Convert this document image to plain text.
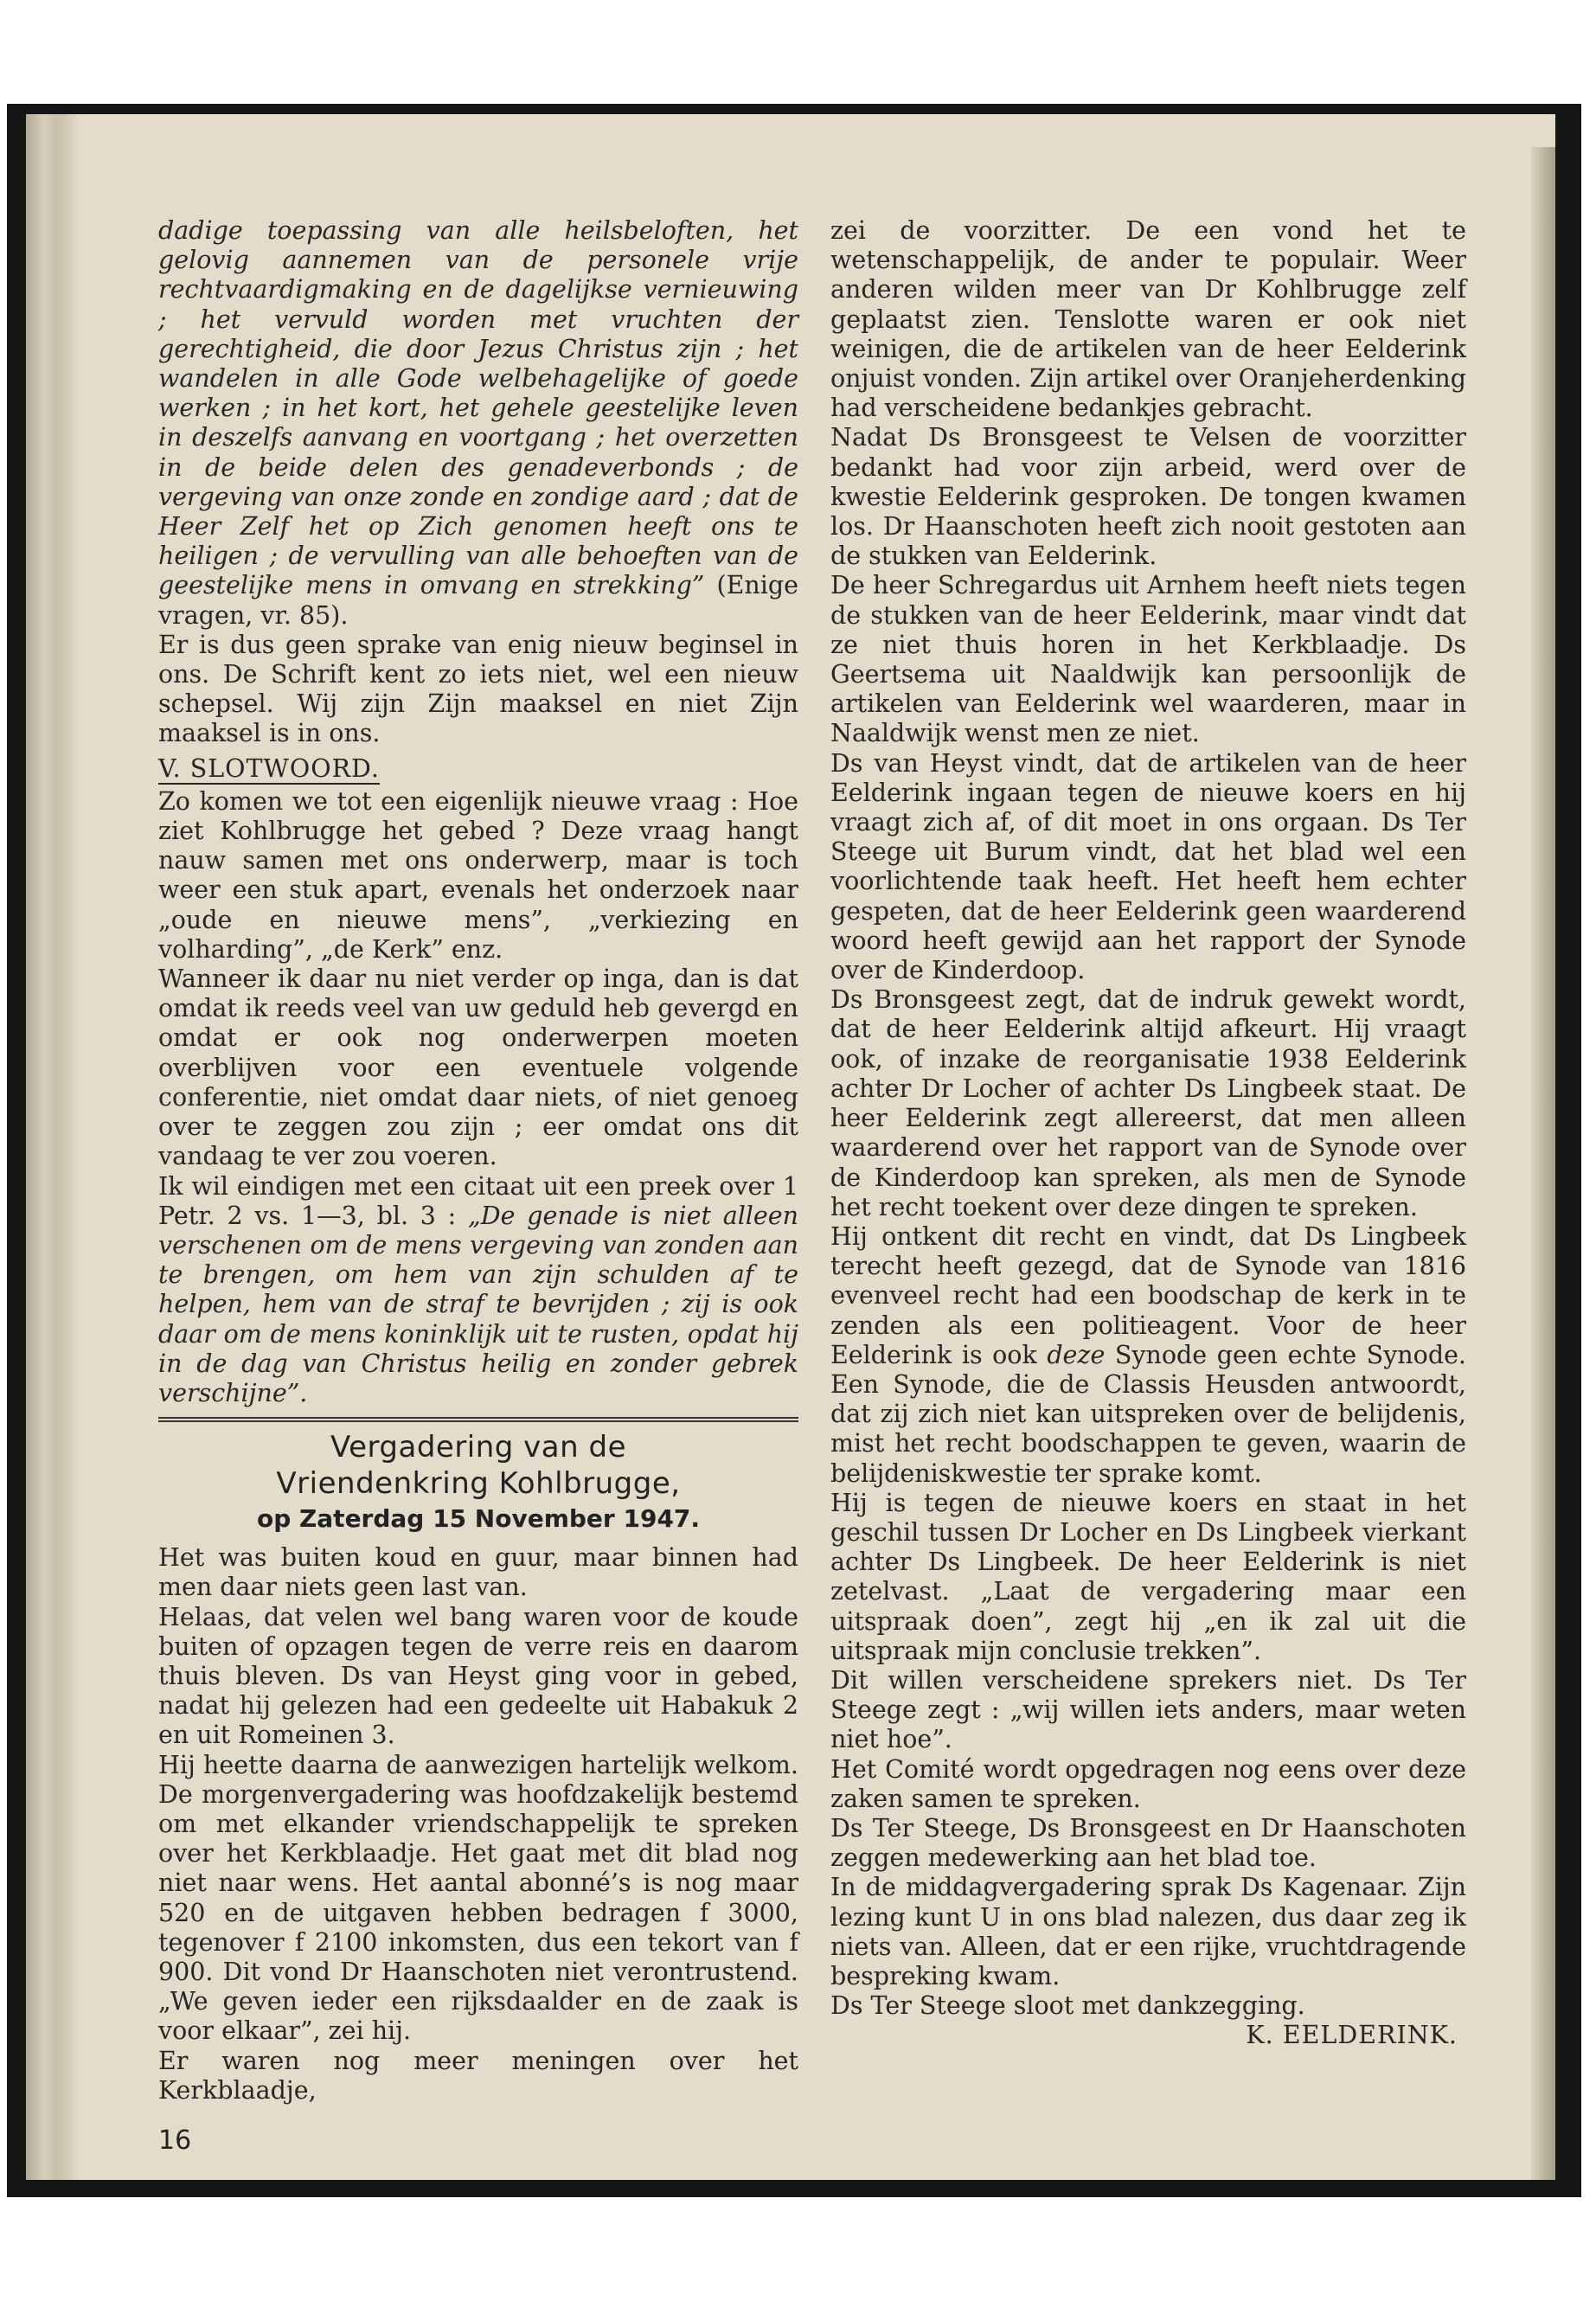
dadige toepassing van alle heilsbeloften, het gelovig aannemen van de personele vrije rechtvaardigmaking en de dagelijkse vernieuwing ; het vervuld worden met vruchten der gerechtigheid, die door Jezus Christus zijn ; het wandelen in alle Gode welbehagelijke of goede werken ; in het kort, het gehele geestelijke leven in deszelfs aanvang en voortgang ; het overzetten in de beide delen des genadeverbonds ; de vergeving van onze zonde en zondige aard ; dat de Heer Zelf het op Zich genomen heeft ons te heiligen ; de vervulling van alle behoeften van de geestelijke mens in omvang en strekking” (Enige vragen, vr. 85).

Er is dus geen sprake van enig nieuw beginsel in ons. De Schrift kent zo iets niet, wel een nieuw schepsel. Wij zijn Zijn maaksel en niet Zijn maaksel is in ons.

V. SLOTWOORD.

Zo komen we tot een eigenlijk nieuwe vraag : Hoe ziet Kohlbrugge het gebed ? Deze vraag hangt nauw samen met ons onderwerp, maar is toch weer een stuk apart, evenals het onderzoek naar „oude en nieuwe mens”, „verkiezing en volharding”, „de Kerk” enz.

Wanneer ik daar nu niet verder op inga, dan is dat omdat ik reeds veel van uw geduld heb gevergd en omdat er ook nog onderwerpen moeten overblijven voor een eventuele volgende conferentie, niet omdat daar niets, of niet genoeg over te zeggen zou zijn ; eer omdat ons dit vandaag te ver zou voeren.

Ik wil eindigen met een citaat uit een preek over 1 Petr. 2 vs. 1—3, bl. 3 : „De genade is niet alleen verschenen om de mens vergeving van zonden aan te brengen, om hem van zijn schulden af te helpen, hem van de straf te bevrijden ; zij is ook daar om de mens koninklijk uit te rusten, opdat hij in de dag van Christus heilig en zonder gebrek verschijne”.

Vergadering van de
Vriendenkring Kohlbrugge,
op Zaterdag 15 November 1947.

Het was buiten koud en guur, maar binnen had men daar niets geen last van.

Helaas, dat velen wel bang waren voor de koude buiten of opzagen tegen de verre reis en daarom thuis bleven. Ds van Heyst ging voor in gebed, nadat hij gelezen had een gedeelte uit Habakuk 2 en uit Romeinen 3.

Hij heette daarna de aanwezigen hartelijk welkom. De morgenvergadering was hoofdzakelijk bestemd om met elkander vriendschappelijk te spreken over het Kerkblaadje. Het gaat met dit blad nog niet naar wens. Het aantal abonné’s is nog maar 520 en de uitgaven hebben bedragen f 3000, tegenover f 2100 inkomsten, dus een tekort van f 900. Dit vond Dr Haanschoten niet verontrustend. „We geven ieder een rijksdaalder en de zaak is voor elkaar”, zei hij.

Er waren nog meer meningen over het Kerkblaadje,

zei de voorzitter. De een vond het te wetenschappelijk, de ander te populair. Weer anderen wilden meer van Dr Kohlbrugge zelf geplaatst zien. Tenslotte waren er ook niet weinigen, die de artikelen van de heer Eelderink onjuist vonden. Zijn artikel over Oranjeherdenking had verscheidene bedankjes gebracht.

Nadat Ds Bronsgeest te Velsen de voorzitter bedankt had voor zijn arbeid, werd over de kwestie Eelderink gesproken. De tongen kwamen los. Dr Haanschoten heeft zich nooit gestoten aan de stukken van Eelderink.

De heer Schregardus uit Arnhem heeft niets tegen de stukken van de heer Eelderink, maar vindt dat ze niet thuis horen in het Kerkblaadje. Ds Geertsema uit Naaldwijk kan persoonlijk de artikelen van Eelderink wel waarderen, maar in Naaldwijk wenst men ze niet.

Ds van Heyst vindt, dat de artikelen van de heer Eelderink ingaan tegen de nieuwe koers en hij vraagt zich af, of dit moet in ons orgaan. Ds Ter Steege uit Burum vindt, dat het blad wel een voorlichtende taak heeft. Het heeft hem echter gespeten, dat de heer Eelderink geen waarderend woord heeft gewijd aan het rapport der Synode over de Kinderdoop.

Ds Bronsgeest zegt, dat de indruk gewekt wordt, dat de heer Eelderink altijd afkeurt. Hij vraagt ook, of inzake de reorganisatie 1938 Eelderink achter Dr Locher of achter Ds Lingbeek staat. De heer Eelderink zegt allereerst, dat men alleen waarderend over het rapport van de Synode over de Kinderdoop kan spreken, als men de Synode het recht toekent over deze dingen te spreken.

Hij ontkent dit recht en vindt, dat Ds Lingbeek terecht heeft gezegd, dat de Synode van 1816 evenveel recht had een boodschap de kerk in te zenden als een politieagent. Voor de heer Eelderink is ook deze Synode geen echte Synode. Een Synode, die de Classis Heusden antwoordt, dat zij zich niet kan uitspreken over de belijdenis, mist het recht boodschappen te geven, waarin de belijdeniskwestie ter sprake komt.

Hij is tegen de nieuwe koers en staat in het geschil tussen Dr Locher en Ds Lingbeek vierkant achter Ds Lingbeek. De heer Eelderink is niet zetelvast. „Laat de vergadering maar een uitspraak doen”, zegt hij „en ik zal uit die uitspraak mijn conclusie trekken”.

Dit willen verscheidene sprekers niet. Ds Ter Steege zegt : „wij willen iets anders, maar weten niet hoe”.

Het Comité wordt opgedragen nog eens over deze zaken samen te spreken.

Ds Ter Steege, Ds Bronsgeest en Dr Haanschoten zeggen medewerking aan het blad toe.

In de middagvergadering sprak Ds Kagenaar. Zijn lezing kunt U in ons blad nalezen, dus daar zeg ik niets van. Alleen, dat er een rijke, vruchtdragende bespreking kwam.

Ds Ter Steege sloot met dankzegging.

K. EELDERINK.
16
